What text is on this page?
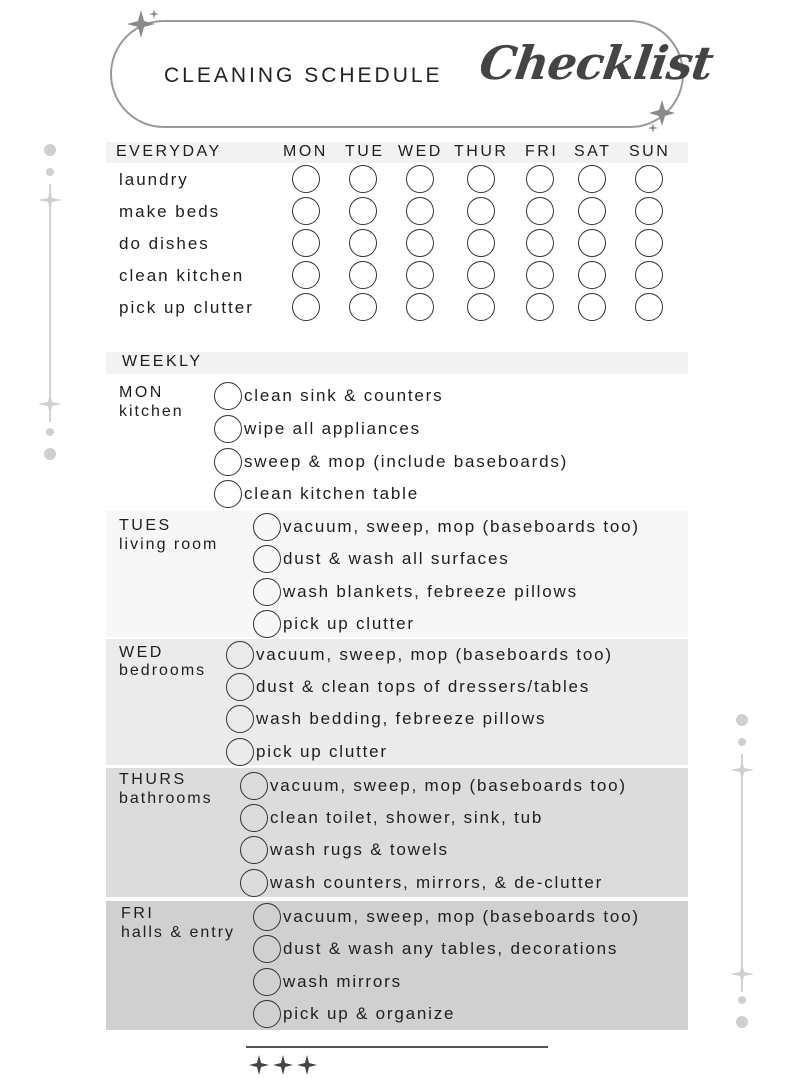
CLEANING SCHEDULE Checklist
EVERYDAY	MON TUE WED THUR FRI SAT SUN
laundry
make beds
do dishes
clean kitchen
pick up clutter
WEEKLY
MON
kitchen
clean sink & counters
wipe all appliances
sweep & mop (include baseboards)
clean kitchen table
TUES
living room
vacuum, sweep, mop (baseboards too)
dust & wash all surfaces
wash blankets, febreeze pillows
pick up clutter
WED
bedrooms
vacuum, sweep, mop (baseboards too)
dust & clean tops of dressers/tables
wash bedding, febreeze pillows
pick up clutter
THURS
bathrooms
vacuum, sweep, mop (baseboards too)
clean toilet, shower, sink, tub
wash rugs & towels
wash counters, mirrors, & de-clutter
FRI
halls & entry
vacuum, sweep, mop (baseboards too)
dust & wash any tables, decorations
wash mirrors
pick up & organize
